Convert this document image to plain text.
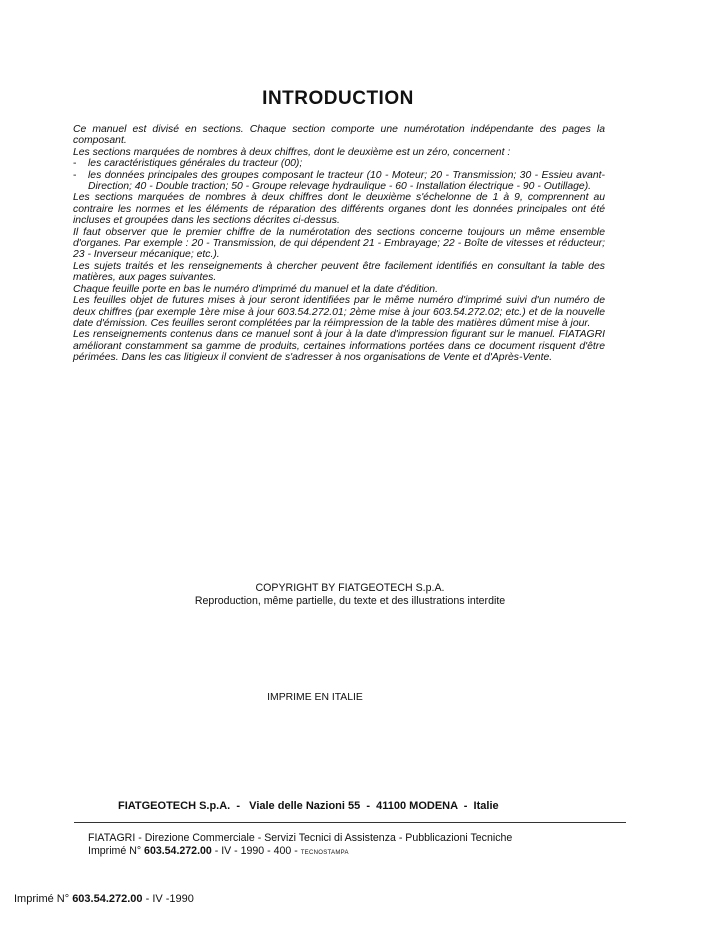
INTRODUCTION

Ce manuel est divisé en sections. Chaque section comporte une numérotation indépendante des pages la composant.

Les sections marquées de nombres à deux chiffres, dont le deuxième est un zéro, concernent :

-	les caractéristiques générales du tracteur (00);
-	les données principales des groupes composant le tracteur (10 - Moteur; 20 - Transmission; 30 - Essieu avant-Direction; 40 - Double traction; 50 - Groupe relevage hydraulique - 60 - Installation électrique - 90 - Outillage).

Les sections marquées de nombres à deux chiffres dont le deuxième s'échelonne de 1 à 9, comprennent au contraire les normes et les éléments de réparation des différents organes dont les données principales ont été incluses et groupées dans les sections décrites ci-dessus.

Il faut observer que le premier chiffre de la numérotation des sections concerne toujours un même ensemble d'organes. Par exemple : 20 - Transmission, de qui dépendent 21 - Embrayage; 22 - Boîte de vitesses et réducteur; 23 - Inverseur mécanique; etc.).

Les sujets traités et les renseignements à chercher peuvent être facilement identifiés en consultant la table des matières, aux pages suivantes.

Chaque feuille porte en bas le numéro d'imprimé du manuel et la date d'édition.

Les feuilles objet de futures mises à jour seront identifiées par le même numéro d'imprimé suivi d'un numéro de deux chiffres (par exemple 1ère mise à jour 603.54.272.01; 2ème mise à jour 603.54.272.02; etc.) et de la nouvelle date d'émission. Ces feuilles seront complétées par la réimpression de la table des matières dûment mise à jour.

Les renseignements contenus dans ce manuel sont à jour à la date d'impression figurant sur le manuel. FIATAGRI améliorant constamment sa gamme de produits, certaines informations portées dans ce document risquent d'être périmées. Dans les cas litigieux il convient de s'adresser à nos organisations de Vente et d'Après-Vente.

COPYRIGHT BY FIATGEOTECH S.p.A.
Reproduction, même partielle, du texte et des illustrations interdite
IMPRIME EN ITALIE
FIATGEOTECH S.p.A.  -   Viale delle Nazioni 55  -  41100 MODENA  -  Italie
FIATAGRI - Direzione Commerciale - Servizi Tecnici di Assistenza - Pubblicazioni Tecniche
Imprimé N° 603.54.272.00 - IV - 1990 - 400 - TECNOSTAMPA
Imprimé N° 603.54.272.00 - IV -1990
